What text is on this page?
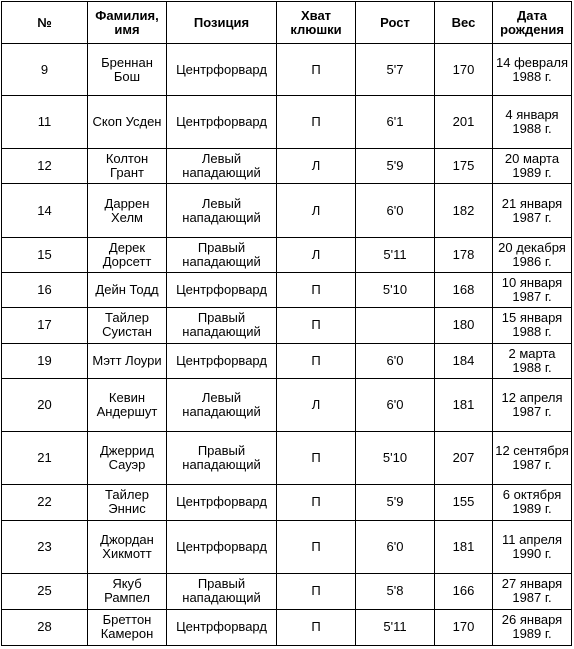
№	Фамилия, имя	Позиция	Хват клюшки	Рост	Вес	Дата рождения
9	Бреннан Бош	Центрфорвард	П	5'7	170	14 февраля 1988 г.
11	Скоп Усден	Центрфорвард	П	6'1	201	4 января 1988 г.
12	Колтон Грант	Левый нападающий	Л	5'9	175	20 марта 1989 г.
14	Даррен Хелм	Левый нападающий	Л	6'0	182	21 января 1987 г.
15	Дерек Дорсетт	Правый нападающий	Л	5'11	178	20 декабря 1986 г.
16	Дейн Тодд	Центрфорвард	П	5'10	168	10 января 1987 г.
17	Тайлер Суистан	Правый нападающий	П		180	15 января 1988 г.
19	Мэтт Лоури	Центрфорвард	П	6'0	184	2 марта 1988 г.
20	Кевин Андершут	Левый нападающий	Л	6'0	181	12 апреля 1987 г.
21	Джеррид Сауэр	Правый нападающий	П	5'10	207	12 сентября 1987 г.
22	Тайлер Эннис	Центрфорвард	П	5'9	155	6 октября 1989 г.
23	Джордан Хикмотт	Центрфорвард	П	6'0	181	11 апреля 1990 г.
25	Якуб Рампел	Правый нападающий	П	5'8	166	27 января 1987 г.
28	Бреттон Камерон	Центрфорвард	П	5'11	170	26 января 1989 г.
